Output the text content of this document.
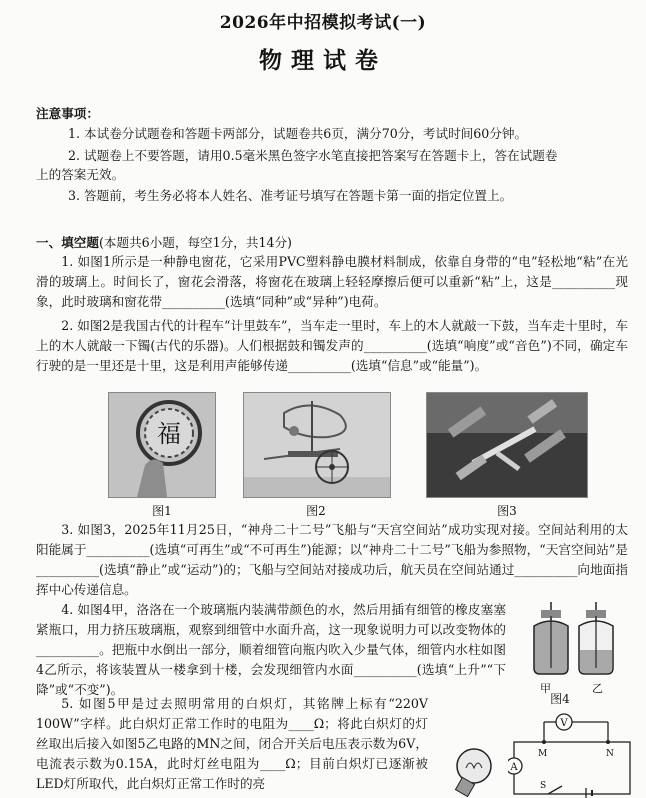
2026年中招模拟考试(一)
物理试卷
注意事项：
1. 本试卷分试题卷和答题卡两部分，试题卷共6页，满分70分，考试时间60分钟。
2. 试题卷上不要答题，请用0.5毫米黑色签字水笔直接把答案写在答题卡上，答在试题卷
上的答案无效。
3. 答题前，考生务必将本人姓名、准考证号填写在答题卡第一面的指定位置上。
一、填空题(本题共6小题，每空1分，共14分)
1. 如图1所示是一种静电窗花，它采用PVC塑料静电膜材料制成，依靠自身带的“电”轻松地“粘”在光滑的玻璃上。时间长了，窗花会滑落，将窗花在玻璃上轻轻摩擦后便可以重新“粘”上，这是__________现象，此时玻璃和窗花带__________(选填“同种”或“异种”)电荷。
2. 如图2是我国古代的计程车“计里鼓车”，当车走一里时，车上的木人就敲一下鼓，当车走十里时，车上的木人就敲一下镯(古代的乐器)。人们根据鼓和镯发声的__________(选填“响度”或“音色”)不同，确定车行驶的是一里还是十里，这是利用声能够传递__________(选填“信息”或“能量”)。
福
图1	图2	图3
3. 如图3，2025年11月25日，“神舟二十二号”飞船与“天宫空间站”成功实现对接。空间站利用的太阳能属于__________(选填“可再生”或“不可再生”)能源；以“神舟二十二号”飞船为参照物，“天宫空间站”是__________(选填“静止”或“运动”)的；飞船与空间站对接成功后，航天员在空间站通过__________向地面指挥中心传递信息。
4. 如图4甲，洛洛在一个玻璃瓶内装满带颜色的水，然后用插有细管的橡皮塞塞紧瓶口，用力挤压玻璃瓶，观察到细管中水面升高，这一现象说明力可以改变物体的__________。把瓶中水倒出一部分，顺着细管向瓶内吹入少量气体，细管内水柱如图4乙所示，将该装置从一楼拿到十楼，会发现细管内水面__________(选填“上升”“下降”或“不变”)。	甲	乙
图4
5. 如图5甲是过去照明常用的白炽灯，其铭牌上标有“220V 100W”字样。此白炽灯正常工作时的电阻为____Ω；将此白炽灯的灯丝取出后接入如图5乙电路的MN之间，闭合开关后电压表示数为6V，电流表示数为0.15A，此时灯丝电阻为____Ω；目前白炽灯已逐渐被LED灯所取代，此白炽灯正常工作时的亮
V
M	N
A
S
